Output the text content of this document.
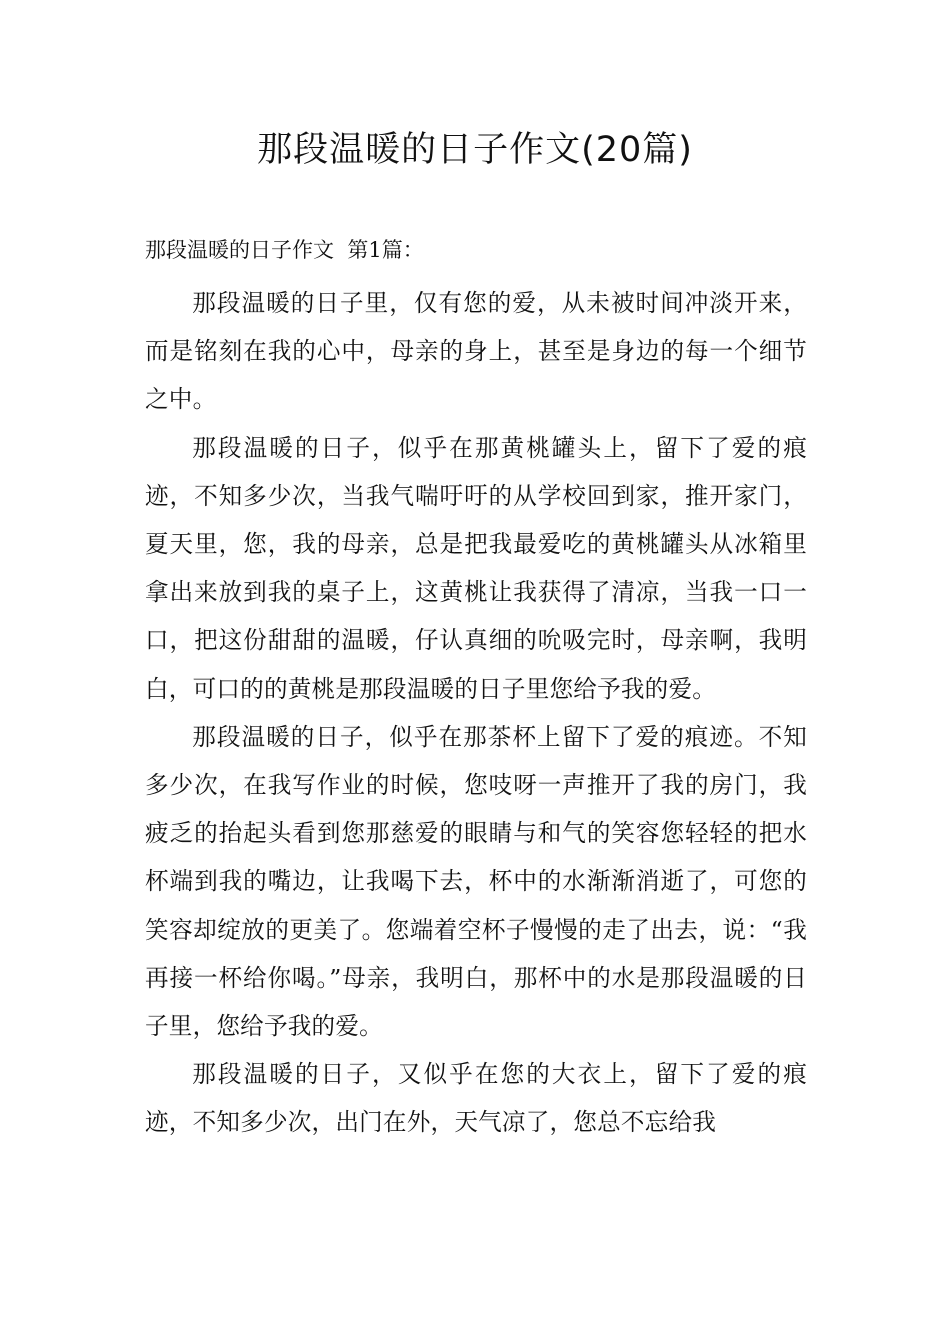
那段温暖的日子作文(20篇)

那段温暖的日子作文 第1篇：

那段温暖的日子里，仅有您的爱，从未被时间冲淡开来，而是铭刻在我的心中，母亲的身上，甚至是身边的每一个细节之中。

那段温暖的日子，似乎在那黄桃罐头上，留下了爱的痕迹，不知多少次，当我气喘吁吁的从学校回到家，推开家门，夏天里，您，我的母亲，总是把我最爱吃的黄桃罐头从冰箱里拿出来放到我的桌子上，这黄桃让我获得了清凉，当我一口一口，把这份甜甜的温暖，仔认真细的吮吸完时，母亲啊，我明白，可口的的黄桃是那段温暖的日子里您给予我的爱。

那段温暖的日子，似乎在那茶杯上留下了爱的痕迹。不知多少次，在我写作业的时候，您吱呀一声推开了我的房门，我疲乏的抬起头看到您那慈爱的眼睛与和气的笑容您轻轻的把水杯端到我的嘴边，让我喝下去，杯中的水渐渐消逝了，可您的笑容却绽放的更美了。您端着空杯子慢慢的走了出去，说：“我再接一杯给你喝。”母亲，我明白，那杯中的水是那段温暖的日子里，您给予我的爱。

那段温暖的日子，又似乎在您的大衣上，留下了爱的痕迹，不知多少次，出门在外，天气凉了，您总不忘给我
